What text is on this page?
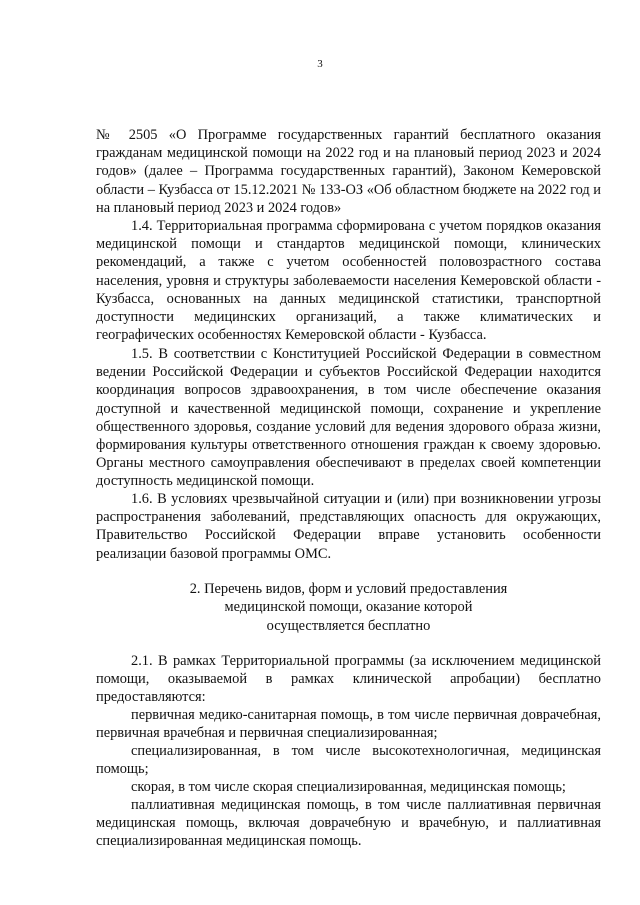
3

№ 2505 «О Программе государственных гарантий бесплатного оказания гражданам медицинской помощи на 2022 год и на плановый период 2023 и 2024 годов» (далее – Программа государственных гарантий), Законом Кемеровской области – Кузбасса от 15.12.2021 № 133-ОЗ «Об областном бюджете на 2022 год и на плановый период 2023 и 2024 годов»

1.4. Территориальная программа сформирована с учетом порядков оказания медицинской помощи и стандартов медицинской помощи, клинических рекомендаций, а также с учетом особенностей половозрастного состава населения, уровня и структуры заболеваемости населения Кемеровской области - Кузбасса, основанных на данных медицинской статистики, транспортной доступности медицинских организаций, а также климатических и географических особенностях Кемеровской области - Кузбасса.

1.5. В соответствии с Конституцией Российской Федерации в совместном ведении Российской Федерации и субъектов Российской Федерации находится координация вопросов здравоохранения, в том числе обеспечение оказания доступной и качественной медицинской помощи, сохранение и укрепление общественного здоровья, создание условий для ведения здорового образа жизни, формирования культуры ответственного отношения граждан к своему здоровью. Органы местного самоуправления обеспечивают в пределах своей компетенции доступность медицинской помощи.

1.6. В условиях чрезвычайной ситуации и (или) при возникновении угрозы распространения заболеваний, представляющих опасность для окружающих, Правительство Российской Федерации вправе установить особенности реализации базовой программы ОМС.

2. Перечень видов, форм и условий предоставления
медицинской помощи, оказание которой
осуществляется бесплатно

2.1. В рамках Территориальной программы (за исключением медицинской помощи, оказываемой в рамках клинической апробации) бесплатно предоставляются:

первичная медико-санитарная помощь, в том числе первичная доврачебная, первичная врачебная и первичная специализированная;

специализированная, в том числе высокотехнологичная, медицинская помощь;

скорая, в том числе скорая специализированная, медицинская помощь;

паллиативная медицинская помощь, в том числе паллиативная первичная медицинская помощь, включая доврачебную и врачебную, и паллиативная специализированная медицинская помощь.
